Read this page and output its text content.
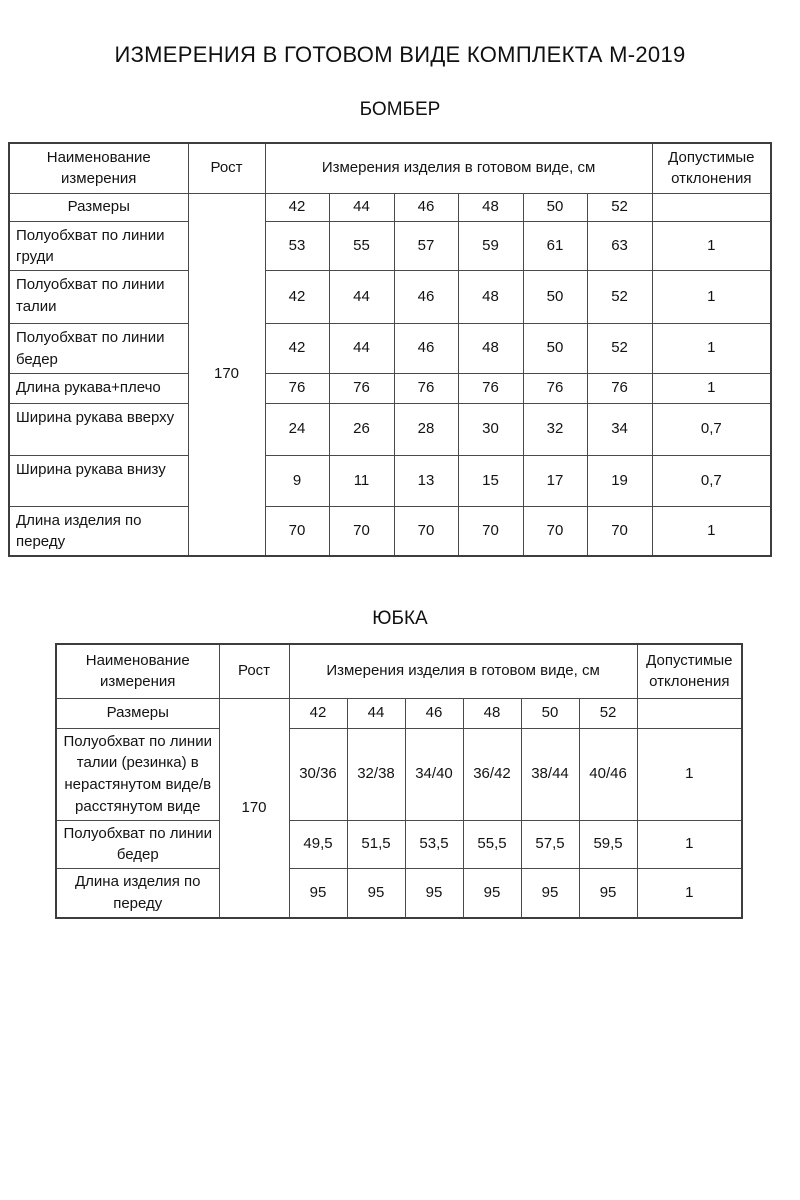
ИЗМЕРЕНИЯ В ГОТОВОМ ВИДЕ КОМПЛЕКТА М-2019
БОМБЕР
Наименование измерения	Рост	Измерения изделия в готовом виде, см						Допустимые отклонения
Размеры	170	42	44	46	48	50	52	
Полуобхват по линии груди		53	55	57	59	61	63	1
Полуобхват по линии талии		42	44	46	48	50	52	1
Полуобхват по линии бедер		42	44	46	48	50	52	1
Длина рукава+плечо		76	76	76	76	76	76	1
Ширина рукава вверху		24	26	28	30	32	34	0,7
Ширина рукава внизу		9	11	13	15	17	19	0,7
Длина изделия по переду		70	70	70	70	70	70	1
ЮБКА
Наименование измерения	Рост	Измерения изделия в готовом виде, см						Допустимые отклонения
Размеры	170	42	44	46	48	50	52	
Полуобхват по линии талии (резинка) в нерастянутом виде/в расстянутом виде		30/36	32/38	34/40	36/42	38/44	40/46	1
Полуобхват по линии бедер		49,5	51,5	53,5	55,5	57,5	59,5	1
Длина изделия по переду		95	95	95	95	95	95	1
